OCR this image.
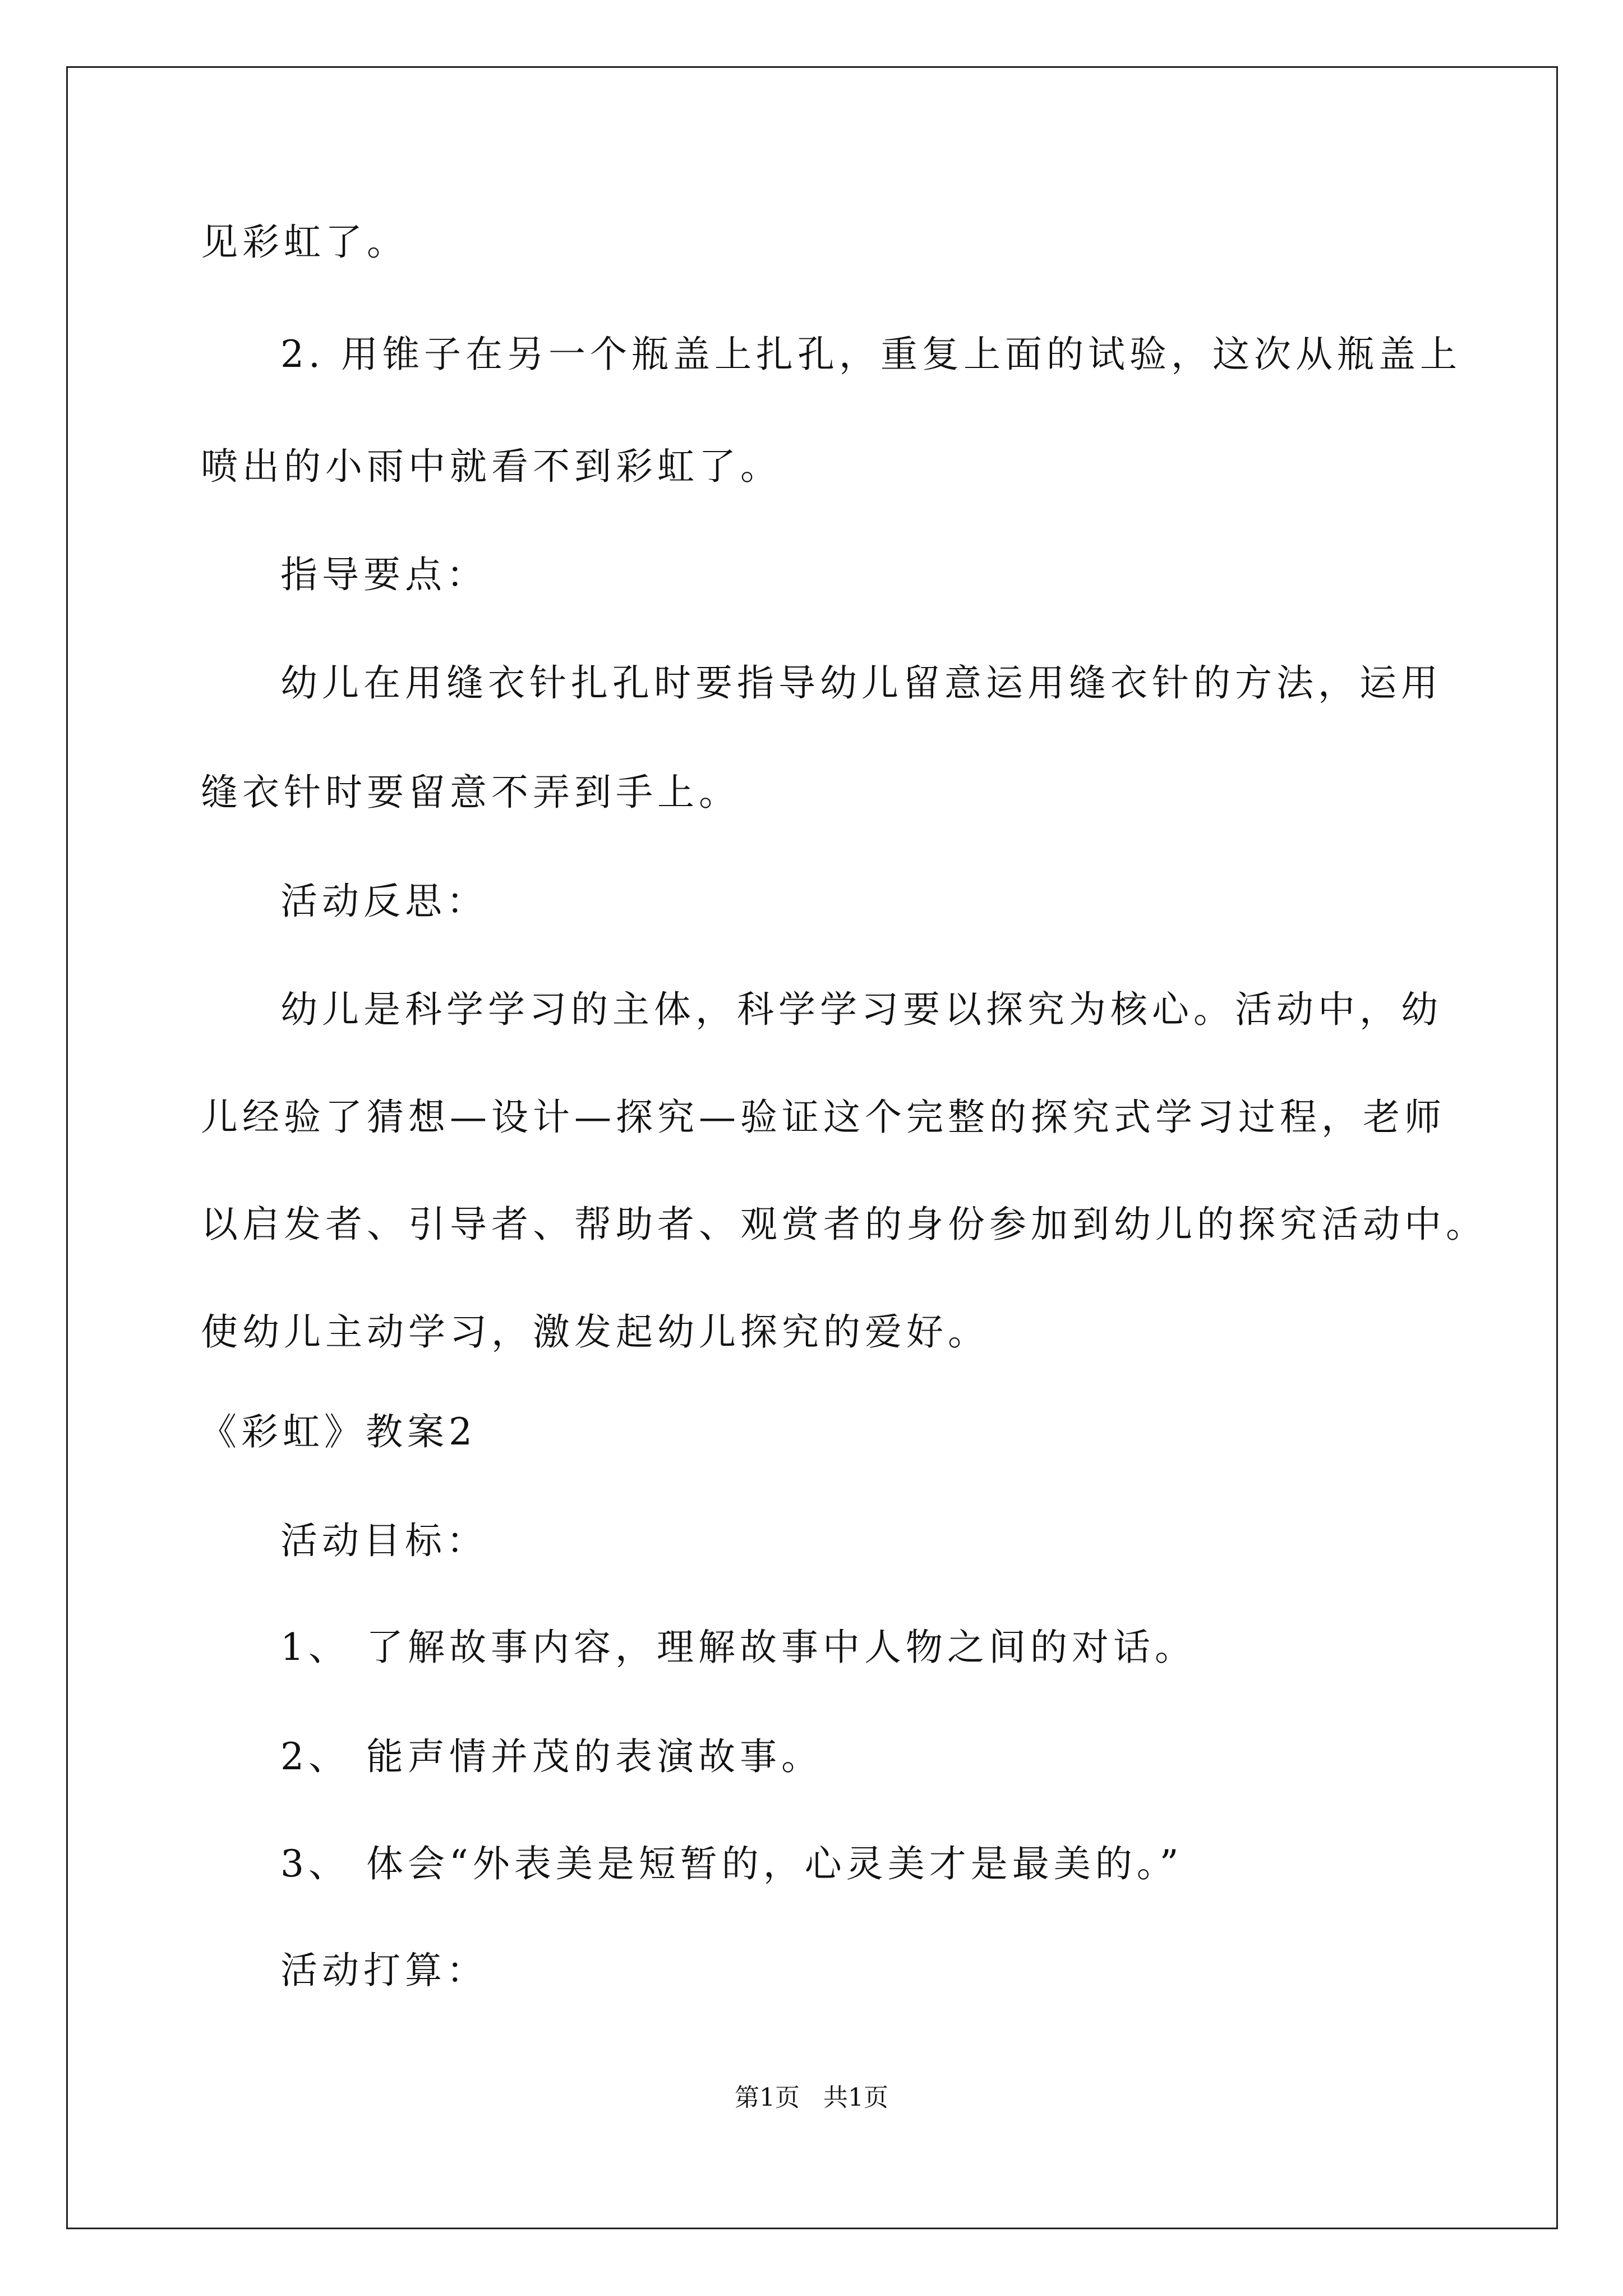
见彩虹了。
2. 用锥子在另一个瓶盖上扎孔，重复上面的试验，这次从瓶盖上
喷出的小雨中就看不到彩虹了。
指导要点：
幼儿在用缝衣针扎孔时要指导幼儿留意运用缝衣针的方法，运用
缝衣针时要留意不弄到手上。
活动反思：
幼儿是科学学习的主体，科学学习要以探究为核心。活动中，幼
儿经验了猜想—设计—探究—验证这个完整的探究式学习过程，老师
以启发者、引导者、帮助者、观赏者的身份参加到幼儿的探究活动中。
使幼儿主动学习，激发起幼儿探究的爱好。
《彩虹》教案2
活动目标：
1、 了解故事内容，理解故事中人物之间的对话。
2、 能声情并茂的表演故事。
3、 体会“外表美是短暂的，心灵美才是最美的。”
活动打算：
第1页 共1页
